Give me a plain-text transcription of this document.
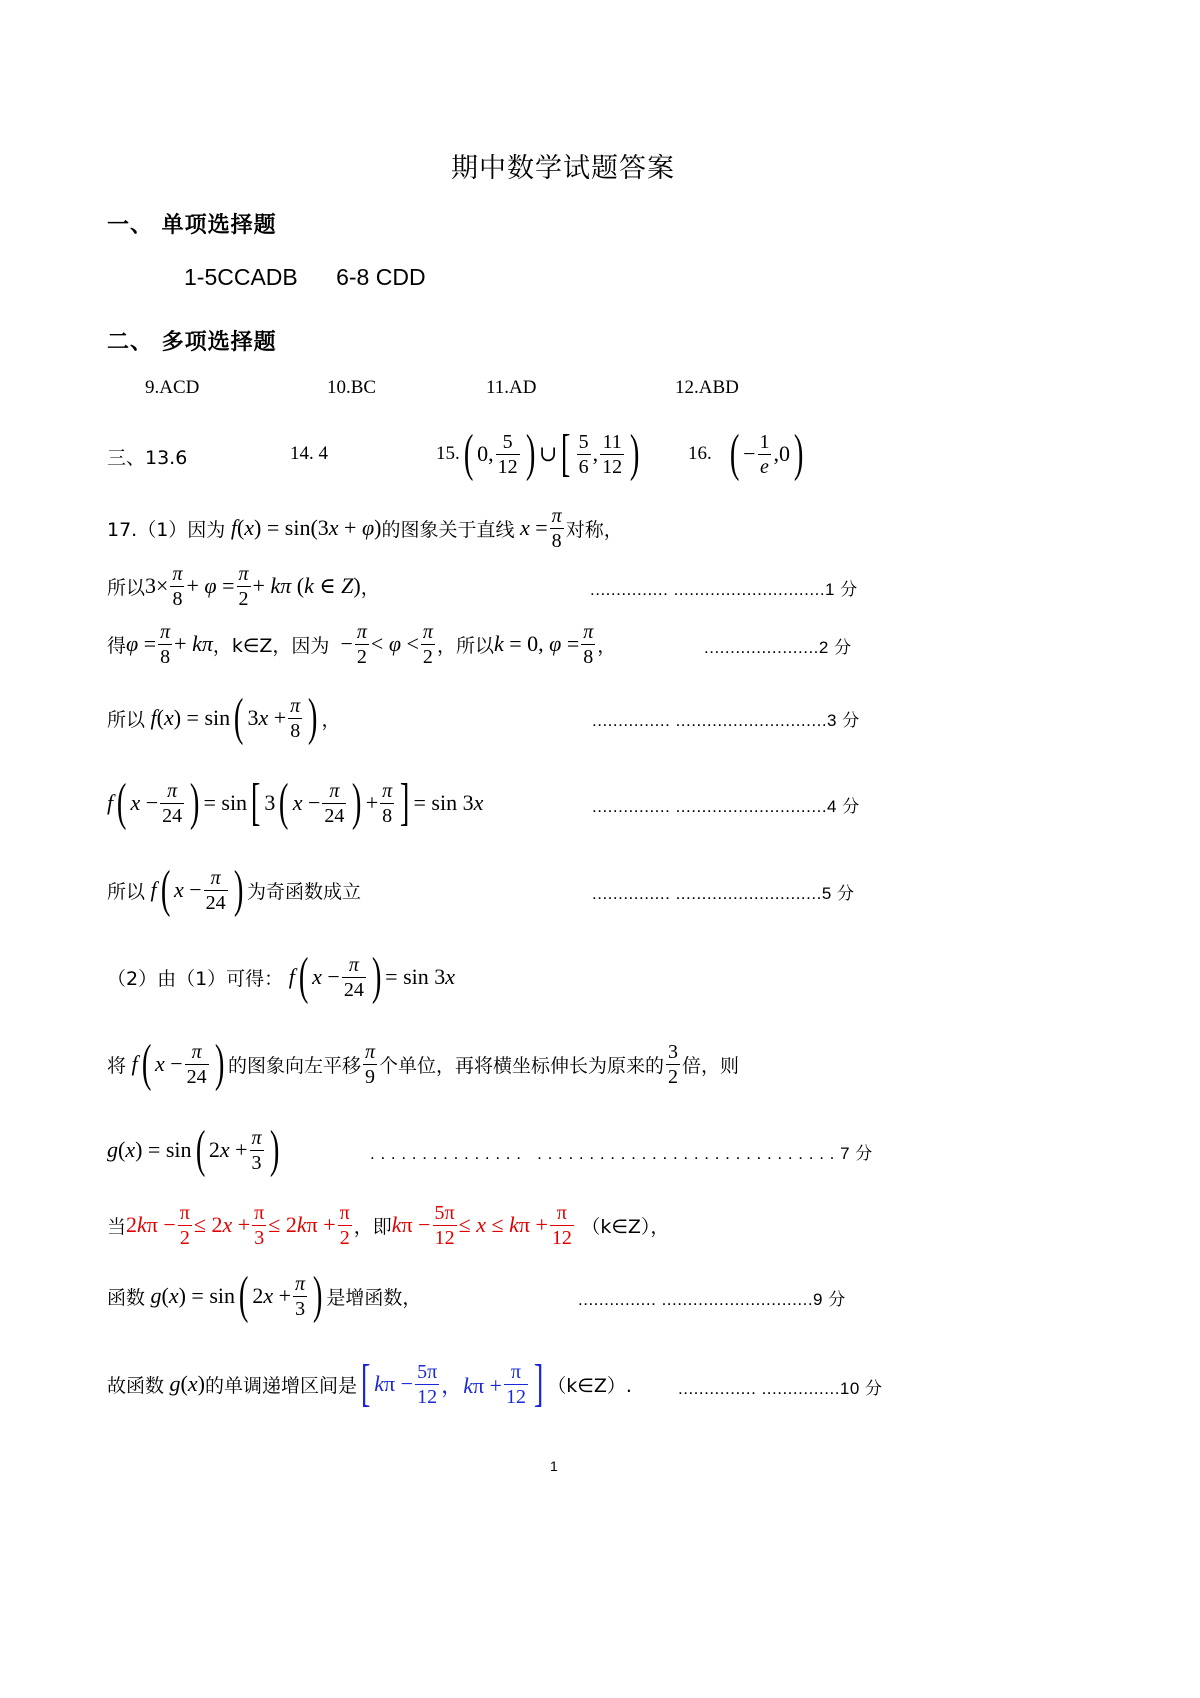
期中数学试题答案
一、 单项选择题
1-5CCADB      6-8 CDD
二、 多项选择题
9.ACD	10.BC	11.AD	12.ABD
三、13.6	14. 4	15. ( 0, $\frac{5}{12}$ ) ∪ [ $\frac{5}{6}$ , $\frac{11}{12}$ )	16. ( − $\frac{1}{e} ,0$ )
17.（1）因为 f(x) = sin(3x + φ) 的图象关于直线 $x = \frac{\pi}{8}$ 对称，
所以 $3\times \frac{\pi}{8} + \varphi = \frac{\pi}{2} + k\pi$ (k ∈ Z) ，	............... .............................1 分
得 $\varphi = \frac{\pi}{8} + k\pi$ ，k∈Z，因为 − $\frac{\pi}{2} < \varphi < \frac{\pi}{2}$ ，所以 k = 0, $\varphi = \frac{\pi}{8}$ ，	......................2 分
所以 f(x) = sin ( $3x + \frac{\pi}{8}$ ) ，	............... .............................3 分
f ( $x - \frac{\pi}{24}$ ) = sin [ 3 ( $x - \frac{\pi}{24}$ ) + $\frac{\pi}{8}$ ] = sin 3x	............... .............................4 分
所以 f ( $x - \frac{\pi}{24}$ ) 为奇函数成立	............... ............................5 分
（2）由（1）可得： f ( $x - \frac{\pi}{24}$ ) = sin 3x
将 f ( $x - \frac{\pi}{24}$ ) 的图象向左平移 $\frac{\pi}{9}$ 个单位，再将横坐标伸长为原来的 $\frac{3}{2}$ 倍，则
g(x) = sin ( $2x + \frac{\pi}{3}$ )	. . . . . . . . . . . . . . .   . . . . . . . . . . . . . . . . . . . . . . . . . . . . . 7 分
当 $2k\pi - \frac{\pi}{2} \le 2x + \frac{\pi}{3} \le 2k\pi + \frac{\pi}{2}$ ，即 $k\pi - \frac{5\pi}{12} \le x \le k\pi + \frac{\pi}{12}$
（k∈Z），
函数 g(x) = sin ( $2x + \frac{\pi}{3}$ ) 是增函数，	............... .............................9 分
故函数 g(x) 的单调递增区间是 [ $k\pi - \frac{5\pi}{12}$ ，$k\pi + \frac{\pi}{12}$ ] （k∈Z）.	............... ...............10 分
1
